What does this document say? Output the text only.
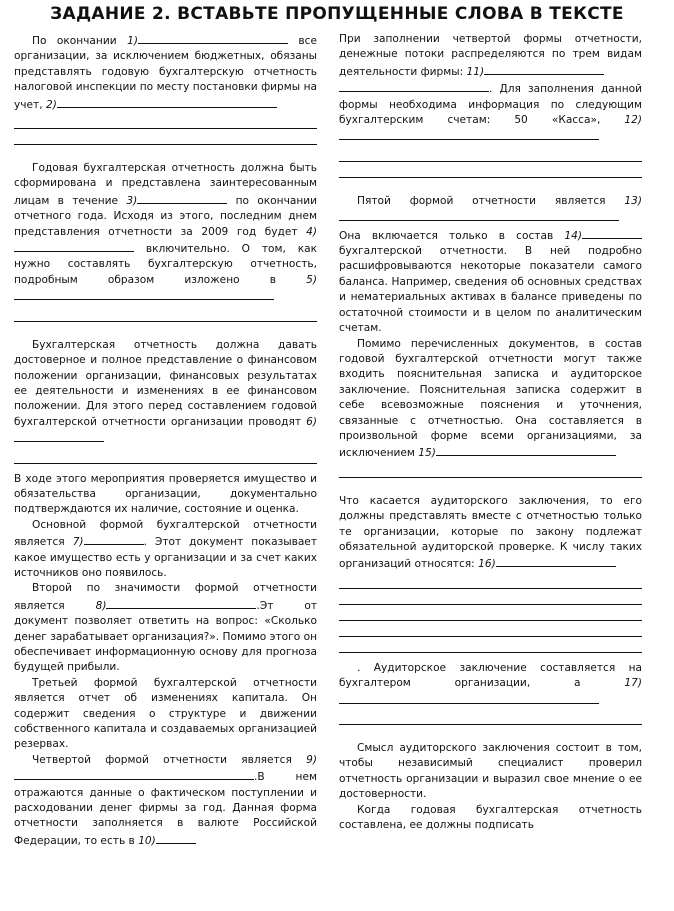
ЗАДАНИЕ 2. ВСТАВЬТЕ ПРОПУЩЕННЫЕ СЛОВА В ТЕКСТЕ

По окончании 1)	все организации, за исключением бюджетных, обязаны представлять годовую бухгалтерскую отчетность налоговой инспекции по месту постановки фирмы на учет, 2)

Годовая бухгалтерская отчетность должна быть сформирована и представлена заинтересованным лицам в течение 3)	по окончании отчетного года. Исходя из этого, последним днем представления отчетности за 2009 год будет 4) включительно. О том, как нужно составлять бухгалтерскую отчетность, подробным образом изложено в	5)

Бухгалтерская отчетность должна давать достоверное и полное представление о финансовом положении организации, финансовых результатах ее деятельности и изменениях в ее финансовом положении. Для этого перед составлением годовой бухгалтерской отчетности организации проводят 6)

В ходе этого мероприятия проверяется имущество и обязательства организации, документально подтверждаются их наличие, состояние и оценка.

Основной формой бухгалтерской отчетности является 7)	. Этот документ показывает какое имущество есть у организации и за счет каких источников оно появилось.

Второй по значимости формой отчетности является	8)	.Эт от документ позволяет ответить на вопрос: «Сколько денег зарабатывает организация?». Помимо этого он обеспечивает информационную основу для прогноза будущей прибыли.

Третьей формой бухгалтерской отчетности является отчет об изменениях капитала. Он содержит сведения о структуре и движении собственного капитала и создаваемых организацией резервах.

Четвертой формой отчетности является 9).В нем отражаются данные о фактическом поступлении и расходовании денег фирмы за год. Данная форма отчетности заполняется в валюте Российской Федерации, то есть в 10)

При заполнении четвертой формы отчетности, денежные потоки распределяются по трем видам деятельности фирмы: 11)

. Для заполнения данной формы необходима информация по следующим бухгалтерским счетам: 50 «Касса», 12)

Пятой формой отчетности является 13) Она включается только в состав 14) бухгалтерской отчетности. В ней подробно расшифровываются некоторые показатели самого баланса. Например, сведения об основных средствах и нематериальных активах в балансе приведены по остаточной стоимости и в целом по аналитическим счетам.

Помимо перечисленных документов, в состав годовой бухгалтерской отчетности могут также входить пояснительная записка и аудиторское заключение. Пояснительная записка содержит в себе всевозможные пояснения и уточнения, связанные с отчетностью. Она составляется в произвольной форме всеми организациями, за исключением 15)

Что касается аудиторского заключения, то его должны представлять вместе с отчетностью только те организации, которые по закону подлежат обязательной аудиторской проверке. К числу таких организаций относятся: 16)

. Аудиторское заключение составляется на бухгалтером организации, а	17)

Смысл аудиторского заключения состоит в том, чтобы независимый специалист проверил отчетность организации и выразил свое мнение о ее достоверности.

Когда годовая бухгалтерская отчетность составлена, ее должны подписать
